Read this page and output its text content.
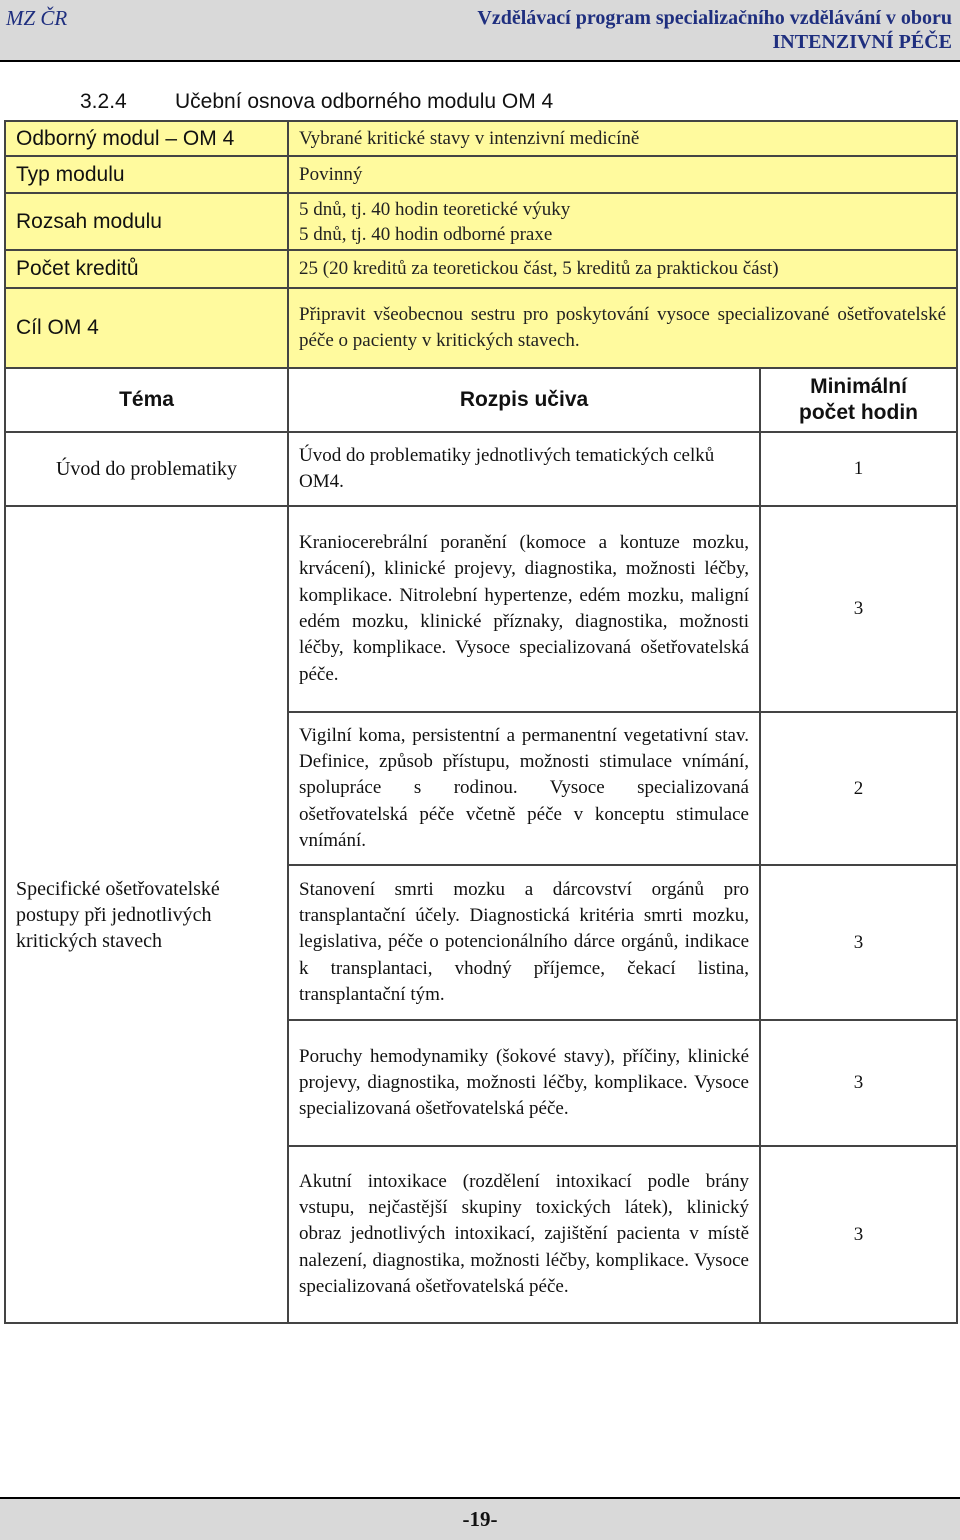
MZ ČR	Vzdělávací program specializačního vzdělávání v oboru
INTENZIVNÍ PÉČE
3.2.4 Učební osnova odborného modulu OM 4
Odborný modul – OM 4	Vybrané kritické stavy v intenzivní medicíně	
Typ modulu	Povinný	
Rozsah modulu	5 dnů, tj. 40 hodin teoretické výuky
5 dnů, tj. 40 hodin odborné praxe	

Počet kreditů	25 (20 kreditů za teoretickou část, 5 kreditů za praktickou část)	
Cíl OM 4	Připravit všeobecnou sestru pro poskytování vysoce specializované ošetřovatelské péče o pacienty v kritických stavech.	
Téma	Rozpis učiva	Minimální
počet hodin

Úvod do problematiky	Úvod do problematiky jednotlivých tematických celků OM4.	1
Specifické ošetřovatelské postupy při jednotlivých kritických stavech	Kraniocerebrální poranění (komoce a kontuze mozku, krvácení), klinické projevy, diagnostika, možnosti léčby, komplikace. Nitrolební hypertenze, edém mozku, maligní edém mozku, klinické příznaky, diagnostika, možnosti léčby, komplikace. Vysoce specializovaná ošetřovatelská péče.	3
	Vigilní koma, persistentní a permanentní vegetativní stav. Definice, způsob přístupu, možnosti stimulace vnímání, spolupráce s rodinou. Vysoce specializovaná ošetřovatelská péče včetně péče v konceptu stimulace vnímání.	2
	Stanovení smrti mozku a dárcovství orgánů pro transplantační účely. Diagnostická kritéria smrti mozku, legislativa, péče o potencionálního dárce orgánů, indikace k transplantaci, vhodný příjemce, čekací listina, transplantační tým.	3
	Poruchy hemodynamiky (šokové stavy), příčiny, klinické projevy, diagnostika, možnosti léčby, komplikace. Vysoce specializovaná ošetřovatelská péče.	3
	Akutní intoxikace (rozdělení intoxikací podle brány vstupu, nejčastější skupiny toxických látek), klinický obraz jednotlivých intoxikací, zajištění pacienta v místě nalezení, diagnostika, možnosti léčby, komplikace. Vysoce specializovaná ošetřovatelská péče.	3
-19-
